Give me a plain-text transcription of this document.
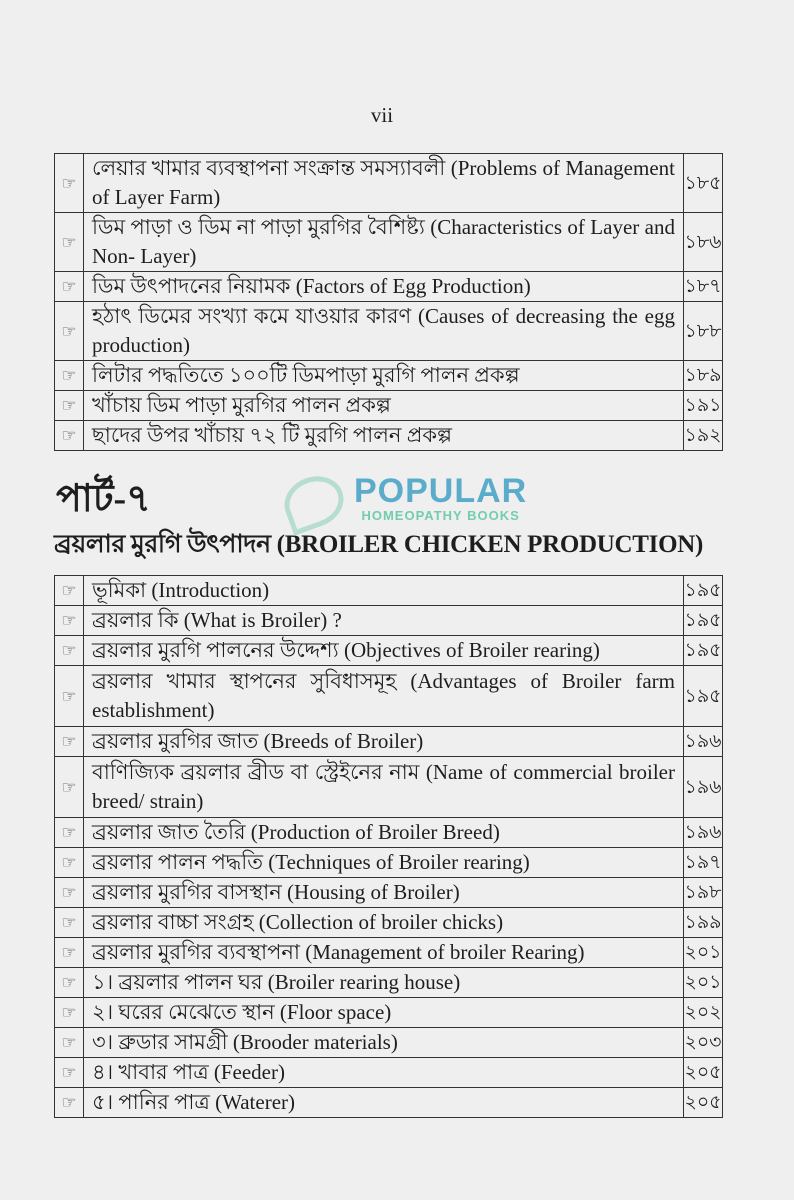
vii
☞	লেয়ার খামার ব্যবস্থাপনা সংক্রান্ত সমস্যাবলী (Problems of Management of Layer Farm)	১৮৫
☞	ডিম পাড়া ও ডিম না পাড়া মুরগির বৈশিষ্ট্য (Characteristics of Layer and Non- Layer)	১৮৬
☞	ডিম উৎপাদনের নিয়ামক (Factors of Egg Production)	১৮৭
☞	হঠাৎ ডিমের সংখ্যা কমে যাওয়ার কারণ (Causes of decreasing the egg production)	১৮৮
☞	লিটার পদ্ধতিতে ১০০টি ডিমপাড়া মুরগি পালন প্রকল্প	১৮৯
☞	খাঁচায় ডিম পাড়া মুরগির পালন প্রকল্প	১৯১
☞	ছাদের উপর খাঁচায় ৭২ টি মুরগি পালন প্রকল্প	১৯২
পার্ট-৭	POPULAR
HOMEOPATHY BOOKS
ব্রয়লার মুরগি উৎপাদন (BROILER CHICKEN PRODUCTION)
☞	ভূমিকা (Introduction)	১৯৫
☞	ব্রয়লার কি (What is Broiler) ?	১৯৫
☞	ব্রয়লার মুরগি পালনের উদ্দেশ্য (Objectives of Broiler rearing)	১৯৫
☞	ব্রয়লার খামার স্থাপনের সুবিধাসমূহ (Advantages of Broiler farm establishment)	১৯৫
☞	ব্রয়লার মুরগির জাত (Breeds of Broiler)	১৯৬
☞	বাণিজ্যিক ব্রয়লার ব্রীড বা স্ট্রেইনের নাম (Name of commercial broiler breed/ strain)	১৯৬
☞	ব্রয়লার জাত তৈরি (Production of Broiler Breed)	১৯৬
☞	ব্রয়লার পালন পদ্ধতি (Techniques of Broiler rearing)	১৯৭
☞	ব্রয়লার মুরগির বাসস্থান (Housing of Broiler)	১৯৮
☞	ব্রয়লার বাচ্চা সংগ্রহ (Collection of broiler chicks)	১৯৯
☞	ব্রয়লার মুরগির ব্যবস্থাপনা (Management of broiler Rearing)	২০১
☞	১। ব্রয়লার পালন ঘর (Broiler rearing house)	২০১
☞	২। ঘরের মেঝেতে স্থান (Floor space)	২০২
☞	৩। ব্রুডার সামগ্রী (Brooder materials)	২০৩
☞	৪। খাবার পাত্র (Feeder)	২০৫
☞	৫। পানির পাত্র (Waterer)	২০৫
